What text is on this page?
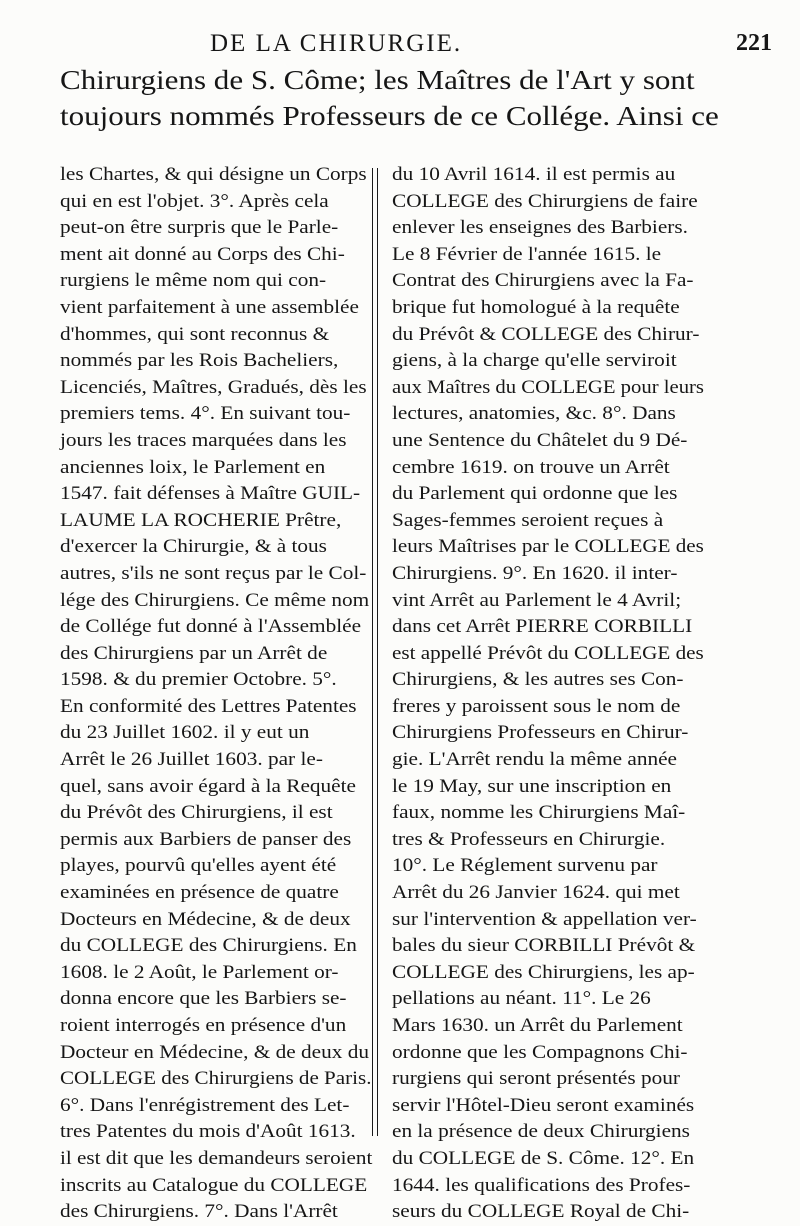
DE LA CHIRURGIE.	221
Chirurgiens de S. Côme; les Maîtres de l'Art y sont
toujours nommés Professeurs de ce Collége. Ainsi ce
les Chartes, & qui désigne un Corps
qui en est l'objet. 3°. Après cela
peut-on être surpris que le Parle-
ment ait donné au Corps des Chi-
rurgiens le même nom qui con-
vient parfaitement à une assemblée
d'hommes, qui sont reconnus &
nommés par les Rois Bacheliers,
Licenciés, Maîtres, Gradués, dès les
premiers tems. 4°. En suivant tou-
jours les traces marquées dans les
anciennes loix, le Parlement en
1547. fait défenses à Maître GUIL-
LAUME LA ROCHERIE Prêtre,
d'exercer la Chirurgie, & à tous
autres, s'ils ne sont reçus par le Col-
lége des Chirurgiens. Ce même nom
de Collége fut donné à l'Assemblée
des Chirurgiens par un Arrêt de
1598. & du premier Octobre. 5°.
En conformité des Lettres Patentes
du 23 Juillet 1602. il y eut un
Arrêt le 26 Juillet 1603. par le-
quel, sans avoir égard à la Requête
du Prévôt des Chirurgiens, il est
permis aux Barbiers de panser des
playes, pourvû qu'elles ayent été
examinées en présence de quatre
Docteurs en Médecine, & de deux
du COLLEGE des Chirurgiens. En
1608. le 2 Août, le Parlement or-
donna encore que les Barbiers se-
roient interrogés en présence d'un
Docteur en Médecine, & de deux du
COLLEGE des Chirurgiens de Paris.
6°. Dans l'enrégistrement des Let-
tres Patentes du mois d'Août 1613.
il est dit que les demandeurs seroient
inscrits au Catalogue du COLLEGE
des Chirurgiens. 7°. Dans l'Arrêt
du 10 Avril 1614. il est permis au
COLLEGE des Chirurgiens de faire
enlever les enseignes des Barbiers.
Le 8 Février de l'année 1615. le
Contrat des Chirurgiens avec la Fa-
brique fut homologué à la requête
du Prévôt & COLLEGE des Chirur-
giens, à la charge qu'elle serviroit
aux Maîtres du COLLEGE pour leurs
lectures, anatomies, &c. 8°. Dans
une Sentence du Châtelet du 9 Dé-
cembre 1619. on trouve un Arrêt
du Parlement qui ordonne que les
Sages-femmes seroient reçues à
leurs Maîtrises par le COLLEGE des
Chirurgiens. 9°. En 1620. il inter-
vint Arrêt au Parlement le 4 Avril;
dans cet Arrêt PIERRE CORBILLI
est appellé Prévôt du COLLEGE des
Chirurgiens, & les autres ses Con-
freres y paroissent sous le nom de
Chirurgiens Professeurs en Chirur-
gie. L'Arrêt rendu la même année
le 19 May, sur une inscription en
faux, nomme les Chirurgiens Maî-
tres & Professeurs en Chirurgie.
10°. Le Réglement survenu par
Arrêt du 26 Janvier 1624. qui met
sur l'intervention & appellation ver-
bales du sieur CORBILLI Prévôt &
COLLEGE des Chirurgiens, les ap-
pellations au néant. 11°. Le 26
Mars 1630. un Arrêt du Parlement
ordonne que les Compagnons Chi-
rurgiens qui seront présentés pour
servir l'Hôtel-Dieu seront examinés
en la présence de deux Chirurgiens
du COLLEGE de S. Côme. 12°. En
1644. les qualifications des Profes-
seurs du COLLEGE Royal de Chi-
